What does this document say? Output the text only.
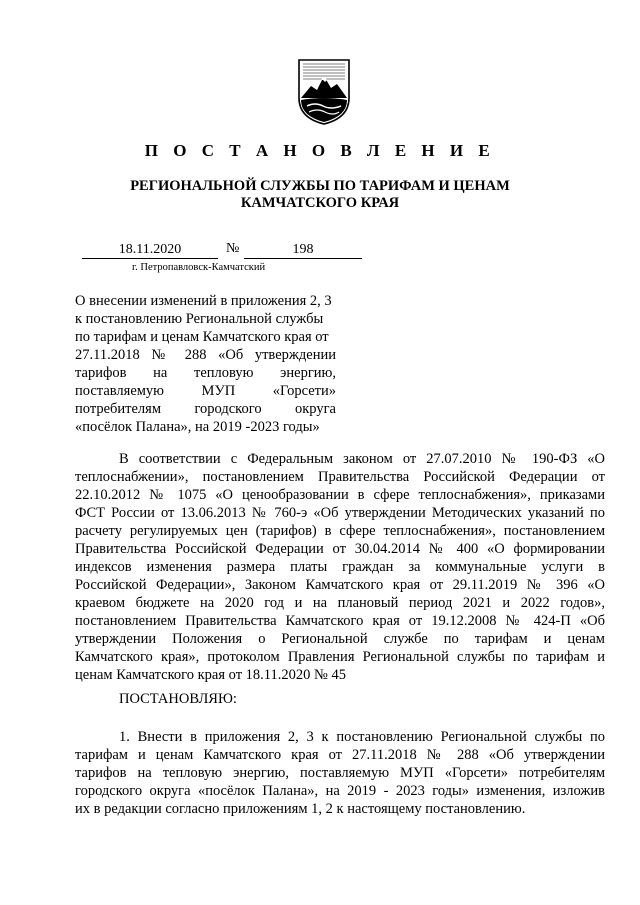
П О С Т А Н О В Л Е Н И Е
РЕГИОНАЛЬНОЙ СЛУЖБЫ ПО ТАРИФАМ И ЦЕНАМ
КАМЧАТСКОГО КРАЯ
18.11.2020	№	198
г. Петропавловск-Камчатский
О внесении изменений в приложения 2, 3
к постановлению Региональной службы
по тарифам и ценам Камчатского края от
27.11.2018 № 288 «Об утверждении
тарифов на тепловую энергию,
поставляемую МУП «Горсети»
потребителям городского округа
«посёлок Палана», на 2019 -2023 годы»
В соответствии с Федеральным законом от 27.07.2010 № 190-ФЗ «О
теплоснабжении», постановлением Правительства Российской Федерации от
22.10.2012 № 1075 «О ценообразовании в сфере теплоснабжения», приказами
ФСТ России от 13.06.2013 № 760-э «Об утверждении Методических указаний по
расчету регулируемых цен (тарифов) в сфере теплоснабжения», постановлением
Правительства Российской Федерации от 30.04.2014 № 400 «О формировании
индексов изменения размера платы граждан за коммунальные услуги в
Российской Федерации», Законом Камчатского края от 29.11.2019 № 396 «О
краевом бюджете на 2020 год и на плановый период 2021 и 2022 годов»,
постановлением Правительства Камчатского края от 19.12.2008 № 424-П «Об
утверждении Положения о Региональной службе по тарифам и ценам
Камчатского края», протоколом Правления Региональной службы по тарифам и
ценам Камчатского края от 18.11.2020 № 45
ПОСТАНОВЛЯЮ:
1. Внести в приложения 2, 3 к постановлению Региональной службы по
тарифам и ценам Камчатского края от 27.11.2018 № 288 «Об утверждении
тарифов на тепловую энергию, поставляемую МУП «Горсети» потребителям
городского округа «посёлок Палана», на 2019 - 2023 годы» изменения, изложив
их в редакции согласно приложениям 1, 2 к настоящему постановлению.
